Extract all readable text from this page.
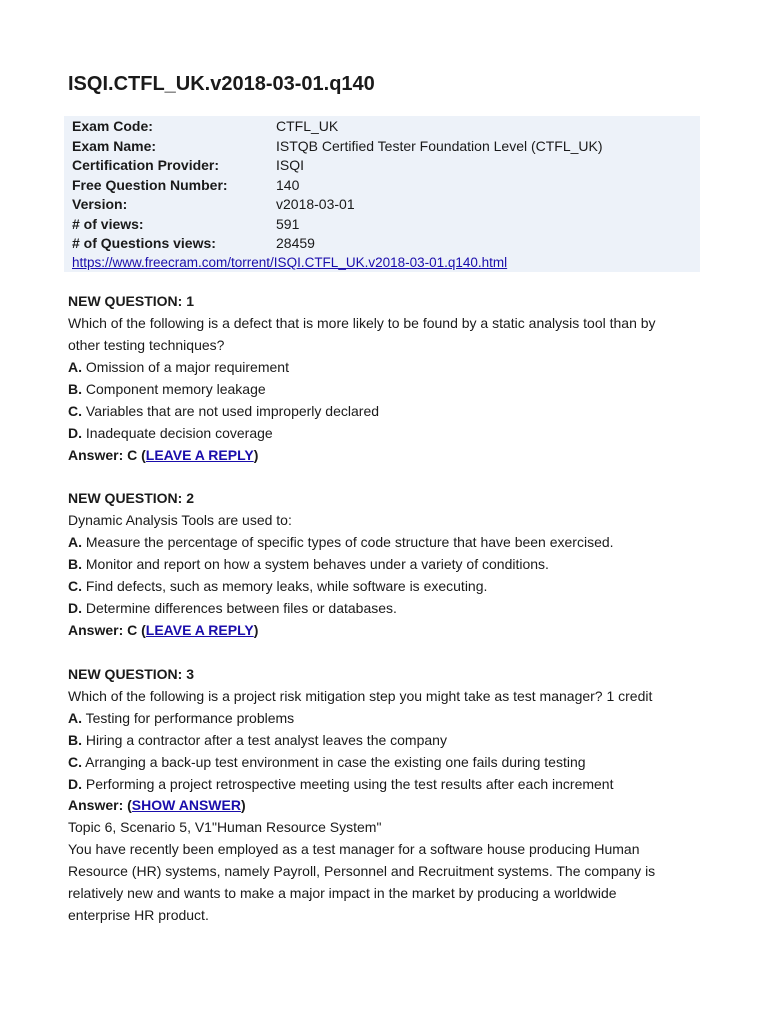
ISQI.CTFL_UK.v2018-03-01.q140
Exam Code:	CTFL_UK
Exam Name:	ISTQB Certified Tester Foundation Level (CTFL_UK)
Certification Provider:	ISQI
Free Question Number:	140
Version:	v2018-03-01
# of views:	591
# of Questions views:	28459
https://www.freecram.com/torrent/ISQI.CTFL_UK.v2018-03-01.q140.html
NEW QUESTION: 1
Which of the following is a defect that is more likely to be found by a static analysis tool than by
other testing techniques?
A. Omission of a major requirement
B. Component memory leakage
C. Variables that are not used improperly declared
D. Inadequate decision coverage
Answer: C (LEAVE A REPLY)
NEW QUESTION: 2
Dynamic Analysis Tools are used to:
A. Measure the percentage of specific types of code structure that have been exercised.
B. Monitor and report on how a system behaves under a variety of conditions.
C. Find defects, such as memory leaks, while software is executing.
D. Determine differences between files or databases.
Answer: C (LEAVE A REPLY)
NEW QUESTION: 3
Which of the following is a project risk mitigation step you might take as test manager? 1 credit
A. Testing for performance problems
B. Hiring a contractor after a test analyst leaves the company
C. Arranging a back-up test environment in case the existing one fails during testing
D. Performing a project retrospective meeting using the test results after each increment
Answer: (SHOW ANSWER)
Topic 6, Scenario 5, V1"Human Resource System"
You have recently been employed as a test manager for a software house producing Human
Resource (HR) systems, namely Payroll, Personnel and Recruitment systems. The company is
relatively new and wants to make a major impact in the market by producing a worldwide
enterprise HR product.
